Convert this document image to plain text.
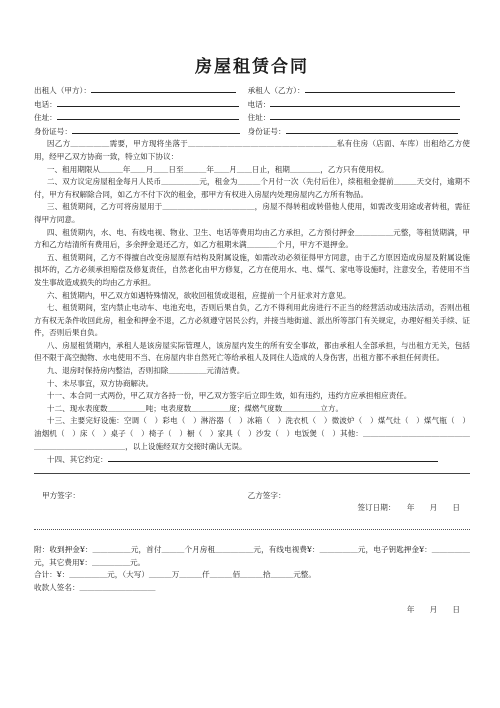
房屋租赁合同
出租人（甲方）：	承租人（乙方）：
电话：	电话：
住址：	住址：
身份证号：	身份证号：
因乙方＿＿＿＿＿需要，甲方现将坐落于＿＿＿＿＿＿＿＿＿＿＿＿＿＿＿＿＿＿＿私有住房（店面、车库）出租给乙方使用，经甲乙双方协商一致，特立如下协议：
一、租用期限从＿＿＿年＿＿月＿＿日至＿＿＿年＿＿月＿＿日止，租期＿＿＿＿，乙方只有使用权。
二、双方议定房屋租金每月人民币＿＿＿＿＿元，租金为＿＿＿个月付一次（先付后住），续租租金提前＿＿＿天交付，逾期不付，甲方有权解除合同，如乙方不付下次的租金，那甲方有权进入房屋内处理房屋内乙方所有物品。
三、租赁期间，乙方可将房屋用于＿＿＿＿＿＿＿＿＿＿＿＿，房屋不得转租或转借他人使用，如需改变用途或者转租，需征得甲方同意。
四、租赁期内，水、电、有线电视、物业、卫生、电话等费用均由乙方承担，乙方预付押金＿＿＿＿＿元整，等租赁期满，甲方和乙方结清所有费用后，多余押金退还乙方，如乙方租期未满＿＿＿＿个月，甲方不退押金。
五、租赁期间，乙方不得擅自改变房屋原有结构及附属设施，如需改动必须征得甲方同意，由于乙方原因造成房屋及附属设施损坏的，乙方必须承担赔偿及修复责任，自然老化由甲方修复，乙方在使用水、电、煤气、家电等设施时，注意安全，若使用不当发生事故造成损失的均由乙方承担。
六、租赁期内，甲乙双方如遇特殊情况，欲收回租赁或退租，应提前一个月征求对方意见。
七、租赁期间，室内禁止电动车、电池充电，否则后果自负，乙方不得利用此房进行不正当的经营活动或违法活动，否则出租方有权无条件收回此房，租金和押金不退，乙方必须遵守居民公约，并接当地街道、派出所等部门有关规定，办理好相关手续、证件，否则后果自负。
八、房屋租赁期内，承租人是该房屋实际管理人，该房屋内发生的所有安全事故，都由承租人全部承担，与出租方无关，包括但不限于高空抛物、水电使用不当、在房屋内非自然死亡等给承租人及同住人造成的人身伤害，出租方都不承担任何责任。
九、退房时保持房内整洁，否则扣除＿＿＿＿＿元清洁费。
十、未尽事宜，双方协商解决。
十一、本合同一式两份，甲乙双方各持一份，甲乙双方签字后立即生效，如有违约，违约方应承担相应责任。
十二、现水表度数＿＿＿＿＿吨；电表度数＿＿＿＿＿度；煤燃气度数＿＿＿＿＿立方。
十三、主要完好设施：空调（　）彩电（　）淋浴器（　）冰箱（　）洗衣机（　）微波炉（　）煤气灶（　）煤气瓶（　）油烟机（　）床（　）桌子（　）椅子（　）橱（　）家具（　）沙发（　）电饭煲（　）其他：＿＿＿＿＿＿＿＿＿＿＿＿＿＿＿＿＿＿＿＿＿＿＿＿＿＿，以上设施经双方交接时确认无误。
十四、其它约定：
甲方签字：	乙方签字：
签订日期：　　年　　月　　日
附：收到押金¥：＿＿＿＿＿元，首付＿＿＿个月房租＿＿＿＿＿元，有线电视费¥：＿＿＿＿＿元，电子钥匙押金¥：＿＿＿＿＿元，其它费用¥：＿＿＿＿＿元。
合计：¥：＿＿＿＿＿元，（大写）＿＿＿万＿＿＿仟＿＿＿佰＿＿＿拾＿＿＿元整。
收款人签名：＿＿＿＿＿＿＿＿＿＿
年　　月　　日
